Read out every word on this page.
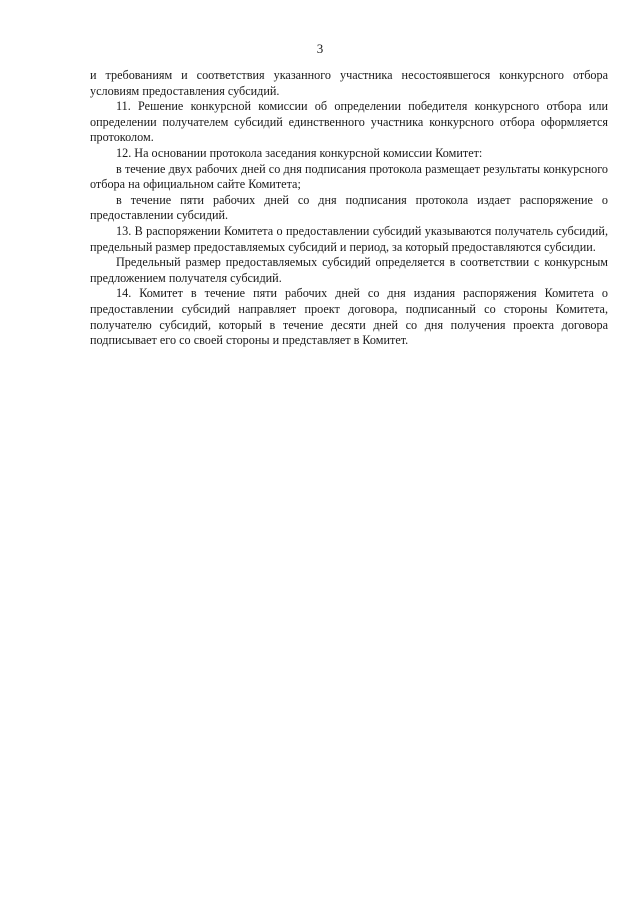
3

и требованиям и соответствия указанного участника несостоявшегося конкурсного отбора условиям предоставления субсидий.

11. Решение конкурсной комиссии об определении победителя конкурсного отбора или определении получателем субсидий единственного участника конкурсного отбора оформляется протоколом.

12. На основании протокола заседания конкурсной комиссии Комитет:

в течение двух рабочих дней со дня подписания протокола размещает результаты конкурсного отбора на официальном сайте Комитета;

в течение пяти рабочих дней со дня подписания протокола издает распоряжение о предоставлении субсидий.

13. В распоряжении Комитета о предоставлении субсидий указываются получатель субсидий, предельный размер предоставляемых субсидий и период, за который предоставляются субсидии.

Предельный размер предоставляемых субсидий определяется в соответствии с конкурсным предложением получателя субсидий.

14. Комитет в течение пяти рабочих дней со дня издания распоряжения Комитета о предоставлении субсидий направляет проект договора, подписанный со стороны Комитета, получателю субсидий, который в течение десяти дней со дня получения проекта договора подписывает его со своей стороны и представляет в Комитет.
